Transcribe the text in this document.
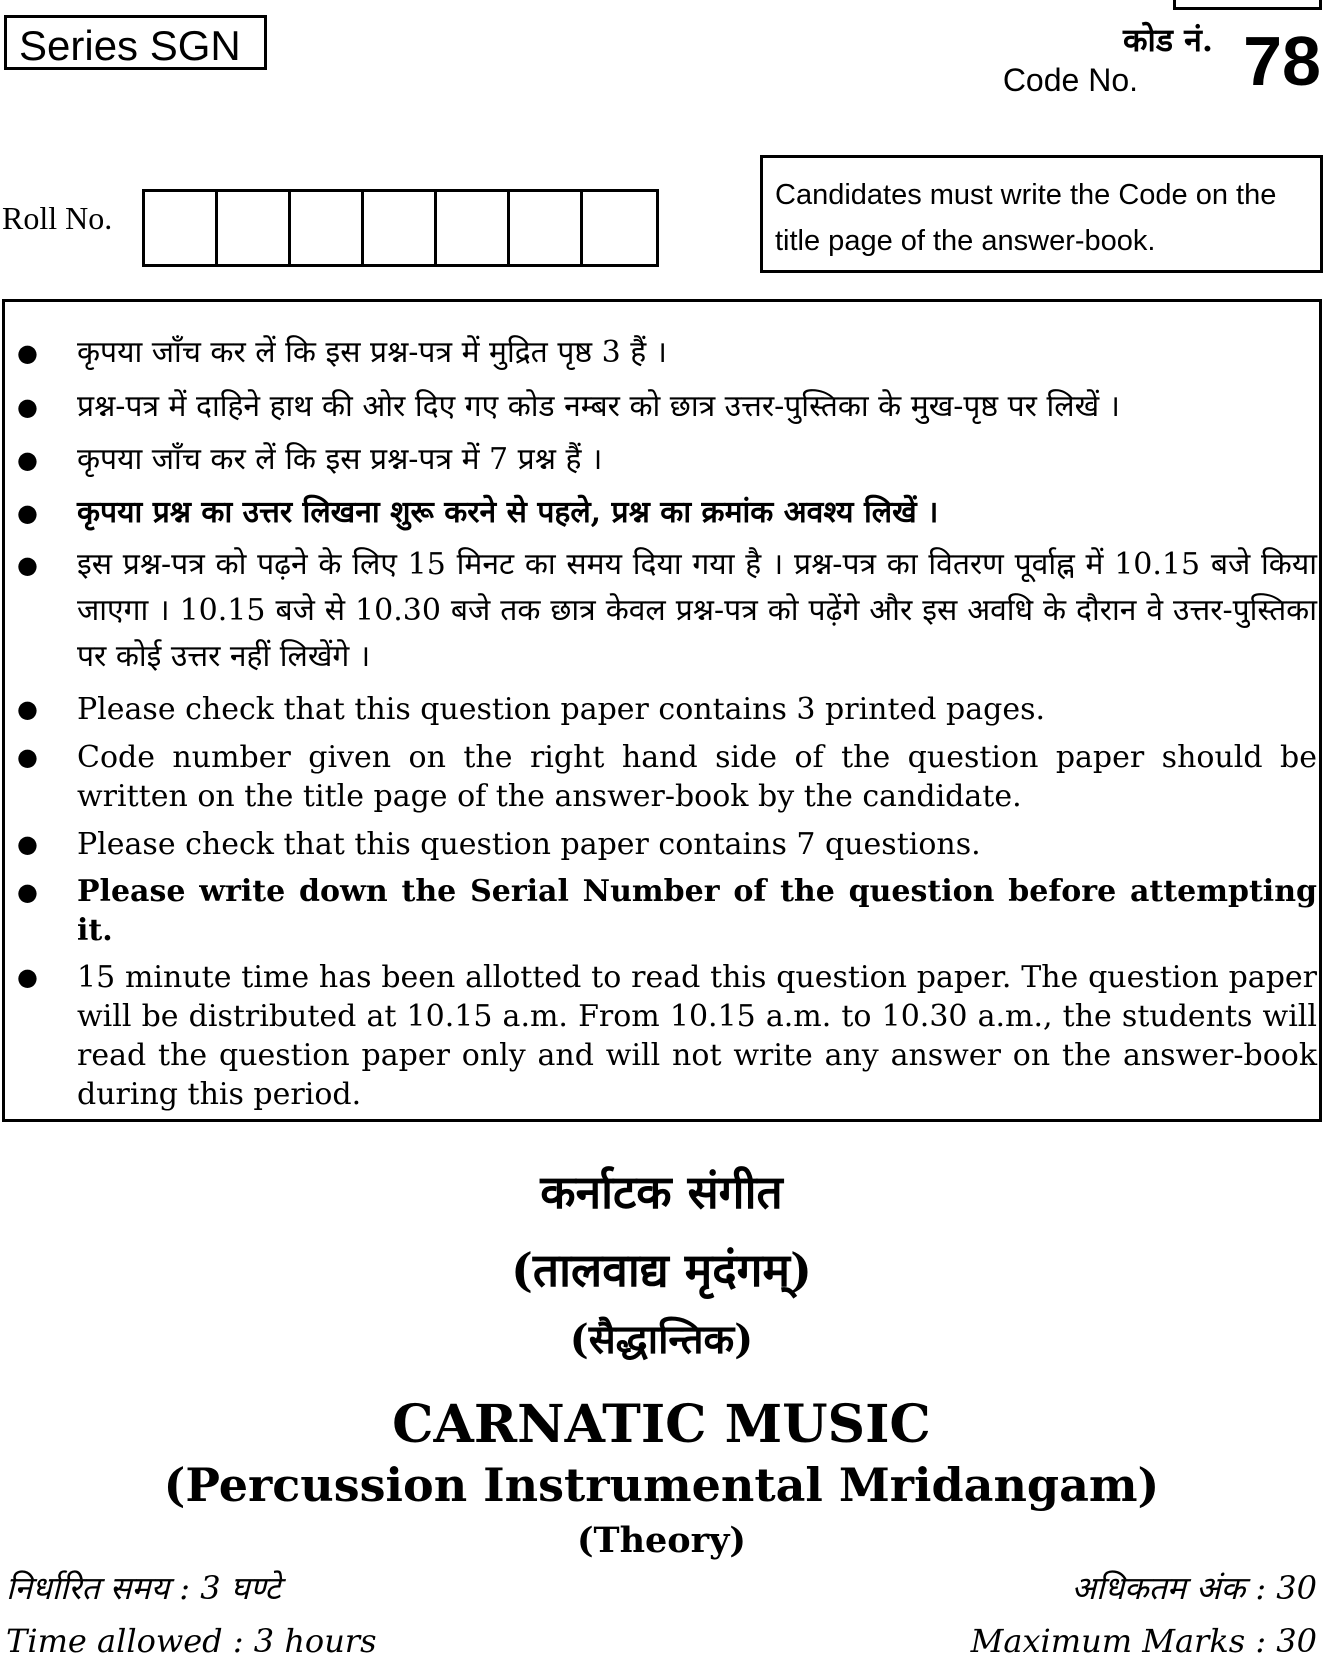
Series SGN	कोड नं.
Code No. 78
Roll No.
Candidates must write the Code on the
title page of the answer-book.
● कृपया जाँच कर लें कि इस प्रश्न-पत्र में मुद्रित पृष्ठ 3 हैं ।
● प्रश्न-पत्र में दाहिने हाथ की ओर दिए गए कोड नम्बर को छात्र उत्तर-पुस्तिका के मुख-पृष्ठ पर लिखें ।
● कृपया जाँच कर लें कि इस प्रश्न-पत्र में 7 प्रश्न हैं ।
● कृपया प्रश्न का उत्तर लिखना शुरू करने से पहले, प्रश्न का क्रमांक अवश्य लिखें ।
● इस प्रश्न-पत्र को पढ़ने के लिए 15 मिनट का समय दिया गया है । प्रश्न-पत्र का वितरण पूर्वाह्न में 10.15 बजे किया जाएगा । 10.15 बजे से 10.30 बजे तक छात्र केवल प्रश्न-पत्र को पढ़ेंगे और इस अवधि के दौरान वे उत्तर-पुस्तिका पर कोई उत्तर नहीं लिखेंगे ।
● Please check that this question paper contains 3 printed pages.
● Code number given on the right hand side of the question paper should be written on the title page of the answer-book by the candidate.
● Please check that this question paper contains 7 questions.
● Please write down the Serial Number of the question before attempting it.
● 15 minute time has been allotted to read this question paper. The question paper will be distributed at 10.15 a.m. From 10.15 a.m. to 10.30 a.m., the students will read the question paper only and will not write any answer on the answer-book during this period.
कर्नाटक संगीत
(तालवाद्य मृदंगम्)
(सैद्धान्तिक)
CARNATIC MUSIC
(Percussion Instrumental Mridangam)
(Theory)
निर्धारित समय : 3 घण्टे	अधिकतम अंक : 30
Time allowed : 3 hours	Maximum Marks : 30
